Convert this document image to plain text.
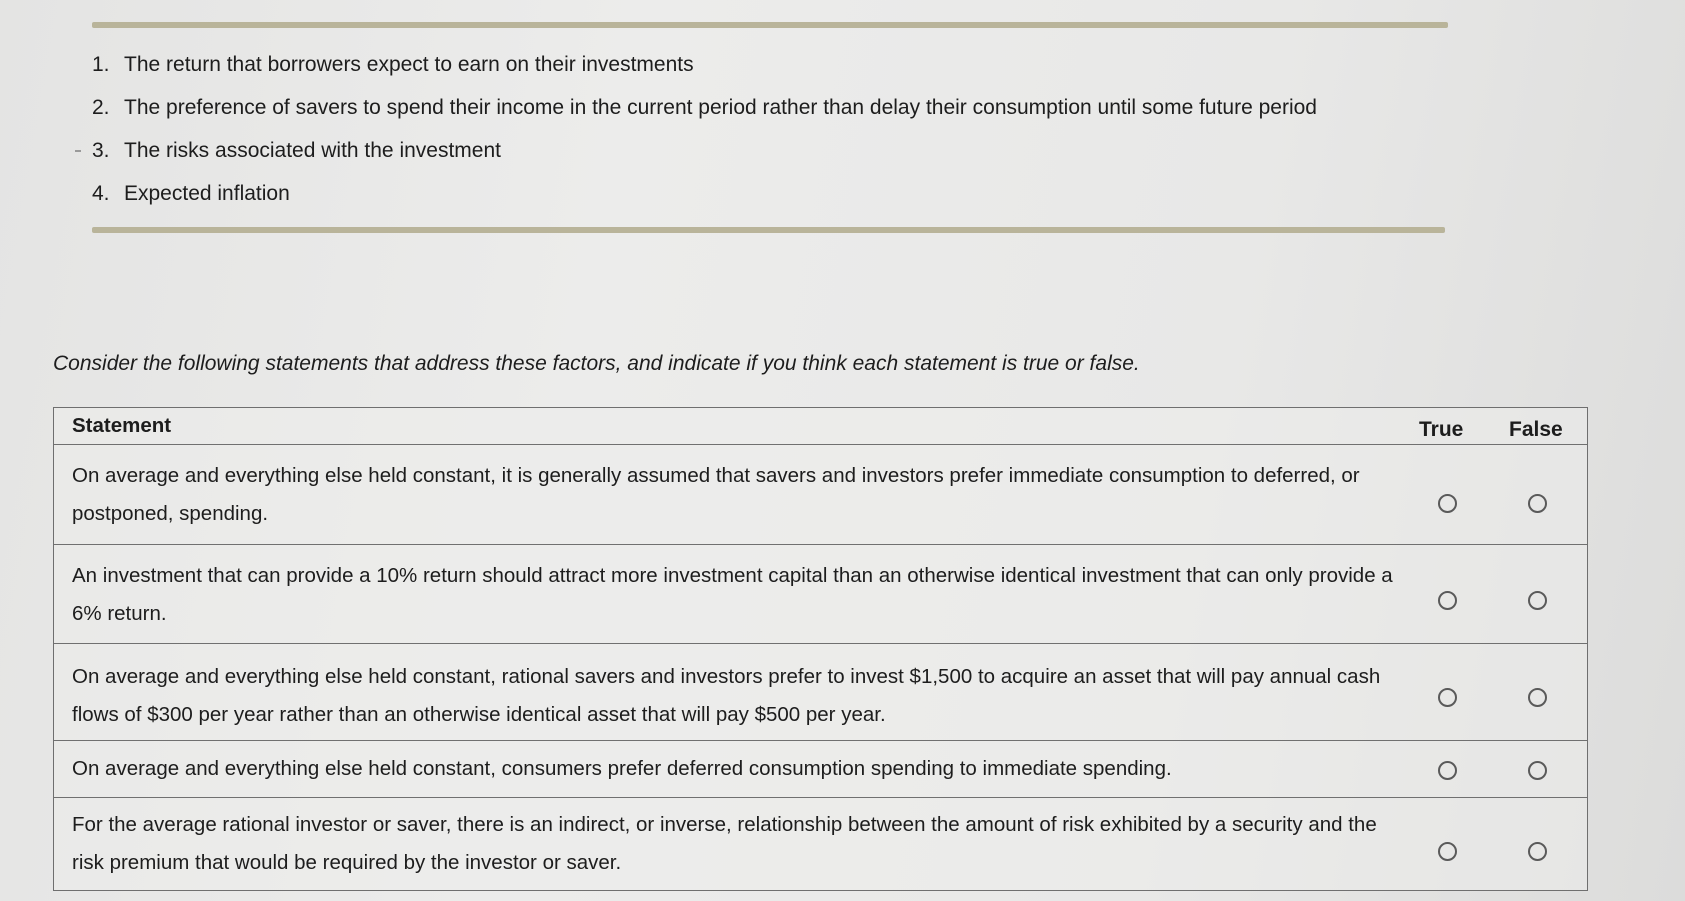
1. The return that borrowers expect to earn on their investments
2. The preference of savers to spend their income in the current period rather than delay their consumption until some future period
3. The risks associated with the investment
4. Expected inflation
Consider the following statements that address these factors, and indicate if you think each statement is true or false.
Statement	True False
On average and everything else held constant, it is generally assumed that savers and investors prefer immediate consumption to deferred, or postponed, spending.
An investment that can provide a 10% return should attract more investment capital than an otherwise identical investment that can only provide a 6% return.
On average and everything else held constant, rational savers and investors prefer to invest $1,500 to acquire an asset that will pay annual cash flows of $300 per year rather than an otherwise identical asset that will pay $500 per year.
On average and everything else held constant, consumers prefer deferred consumption spending to immediate spending.
For the average rational investor or saver, there is an indirect, or inverse, relationship between the amount of risk exhibited by a security and the risk premium that would be required by the investor or saver.
